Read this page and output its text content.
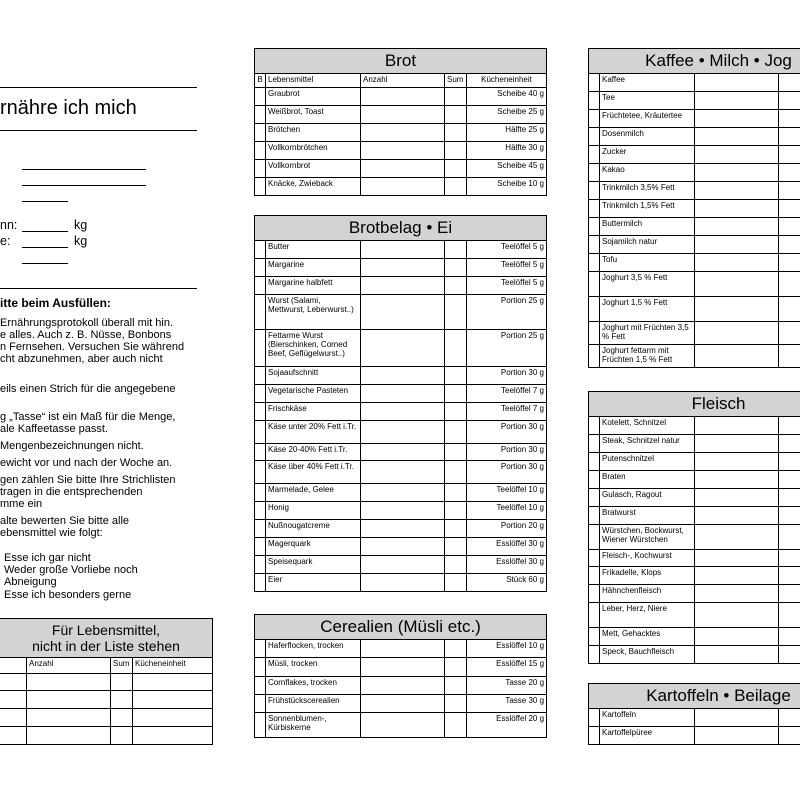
rnähre ich mich
nn:	kg
e:	kg
itte beim Ausfüllen:
Ernährungsprotokoll überall mit hin.
e alles. Auch z. B. Nüsse, Bonbons
n Fernsehen. Versuchen Sie während
cht abzunehmen, aber auch nicht
eils einen Strich für die angegebene
g „Tasse“ ist ein Maß für die Menge,
ale Kaffeetasse passt.
Mengenbezeichnungen nicht.
ewicht vor und nach der Woche an.
gen zählen Sie bitte Ihre Strichlisten
tragen in die entsprechenden
mme ein
alte bewerten Sie bitte alle
ebensmittel wie folgt:
Esse ich gar nicht
Weder große Vorliebe noch
Abneigung
Esse ich besonders gerne
Für Lebensmittel,
nicht in der Liste stehen			

	Anzahl	Sum	Kücheneinheit

Brot				
B	Lebensmittel	Anzahl	Sum	Kücheneinheit
	Graubrot			Scheibe 40 g
	Weißbrot, Toast			Scheibe 25 g
	Brötchen			Hälfte 25 g
	Vollkornbrötchen			Hälfte 30 g
	Vollkornbrot			Scheibe 45 g
	Knäcke, Zwieback			Scheibe 10 g
Brotbelag • Ei				
	Butter			Teelöffel 5 g
	Margarine			Teelöffel 5 g
	Margarine halbfett			Teelöffel 5 g
	Wurst (Salami, Mettwurst, Leberwurst..)			Portion 25 g
	Fettarme Wurst (Bierschinken, Corned Beef, Geflügelwurst..)			Portion 25 g
	Sojaaufschnitt			Portion 30 g
	Vegetarische Pasteten			Teelöffel 7 g
	Frischkäse			Teelöffel 7 g
	Käse unter 20% Fett i.Tr.			Portion 30 g
	Käse 20-40% Fett i.Tr.			Portion 30 g
	Käse über 40% Fett i.Tr.			Portion 30 g
	Marmelade, Gelee			Teelöffel 10 g
	Honig			Teelöffel 10 g
	Nußnougatcreme			Portion 20 g
	Magerquark			Esslöffel 30 g
	Speisequark			Esslöffel 30 g
	Eier			Stück 60 g
Cerealien (Müsli etc.)				
	Haferflocken, trocken			Esslöffel 10 g
	Müsli, trocken			Esslöffel 15 g
	Cornflakes, trocken			Tasse 20 g
	Frühstückscerealien			Tasse 30 g
	Sonnenblumen-, Kürbiskerne			Esslöffel 20 g
Kaffee • Milch • Jog			
	Kaffee		
	Tee		
	Früchtetee, Kräutertee		
	Dosenmilch		
	Zucker		
	Kakao		
	Trinkmilch 3,5% Fett		
	Trinkmilch 1,5% Fett		
	Buttermilch		
	Sojamilch natur		
	Tofu		
	Joghurt 3,5 % Fett		
	Joghurt 1,5 % Fett		
	Joghurt mit Früchten 3,5 % Fett		
	Joghurt fettarm mit Früchten 1,5 % Fett		
Fleisch			
	Kotelett, Schnitzel		
	Steak, Schnitzel natur		
	Putenschnitzel		
	Braten		
	Gulasch, Ragout		
	Bratwurst		
	Würstchen, Bockwurst, Wiener Würstchen		
	Fleisch-, Kochwurst		
	Frikadelle, Klops		
	Hähnchenfleisch		
	Leber, Herz, Niere		
	Mett, Gehacktes		
	Speck, Bauchfleisch		
Kartoffeln • Beilage			
	Kartoffeln		
	Kartoffelpüree		
